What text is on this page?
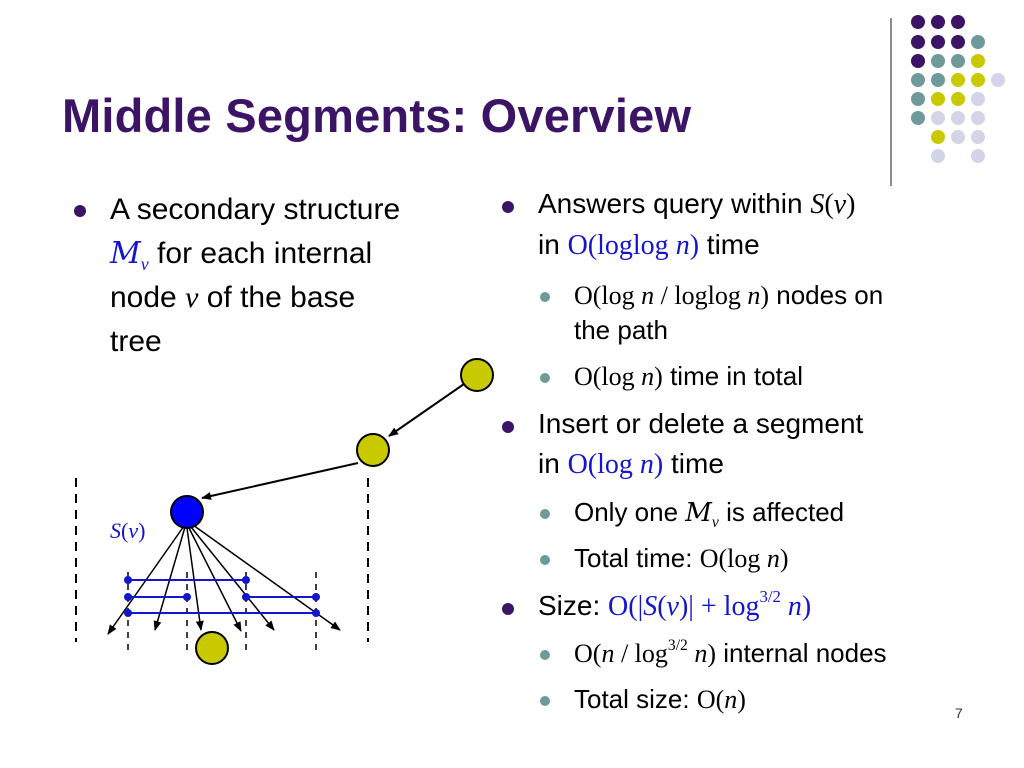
Middle Segments: Overview
A secondary structure
$M_v$ for each internal
node v of the base
tree
S(v)
Answers query within S(v)
in O(loglog n) time
O(log n / loglog n) nodes on
the path
O(log n) time in total
Insert or delete a segment
in O(log n) time
Only one $M_v$ is affected
Total time: O(log n)
Size: $O(|S(v)| + \log^{3/2} n)$
$O(n / \log^{3/2} n)$ internal nodes
Total size: O(n)	7
